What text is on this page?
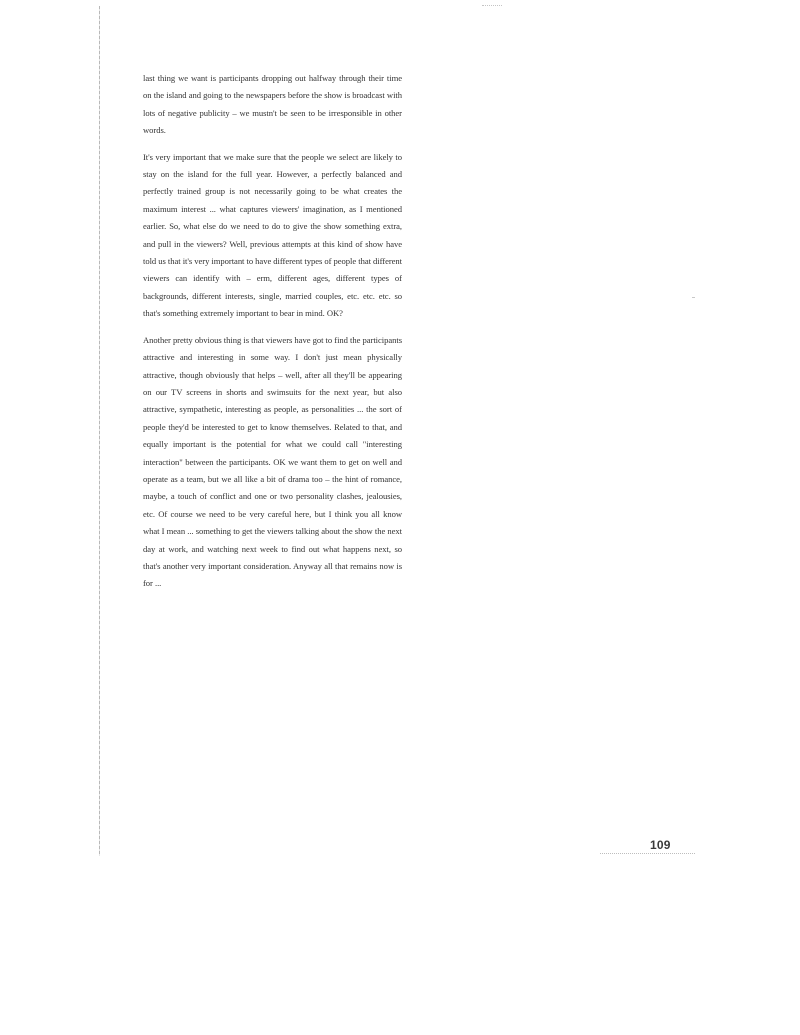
last thing we want is participants dropping out halfway through their time on the island and going to the newspapers before the show is broadcast with lots of negative publicity – we mustn't be seen to be irresponsible in other words.

It's very important that we make sure that the people we select are likely to stay on the island for the full year. However, a perfectly balanced and perfectly trained group is not necessarily going to be what creates the maximum interest ... what captures viewers' imagination, as I mentioned earlier. So, what else do we need to do to give the show something extra, and pull in the viewers? Well, previous attempts at this kind of show have told us that it's very important to have different types of people that different viewers can identify with – erm, different ages, different types of backgrounds, different interests, single, married couples, etc. etc. etc. so that's something extremely important to bear in mind. OK?

Another pretty obvious thing is that viewers have got to find the participants attractive and interesting in some way. I don't just mean physically attractive, though obviously that helps – well, after all they'll be appearing on our TV screens in shorts and swimsuits for the next year, but also attractive, sympathetic, interesting as people, as personalities ... the sort of people they'd be interested to get to know themselves. Related to that, and equally important is the potential for what we could call "interesting interaction" between the participants. OK we want them to get on well and operate as a team, but we all like a bit of drama too – the hint of romance, maybe, a touch of conflict and one or two personality clashes, jealousies, etc. Of course we need to be very careful here, but I think you all know what I mean ... something to get the viewers talking about the show the next day at work, and watching next week to find out what happens next, so that's another very important consideration. Anyway all that remains now is for ...

109
